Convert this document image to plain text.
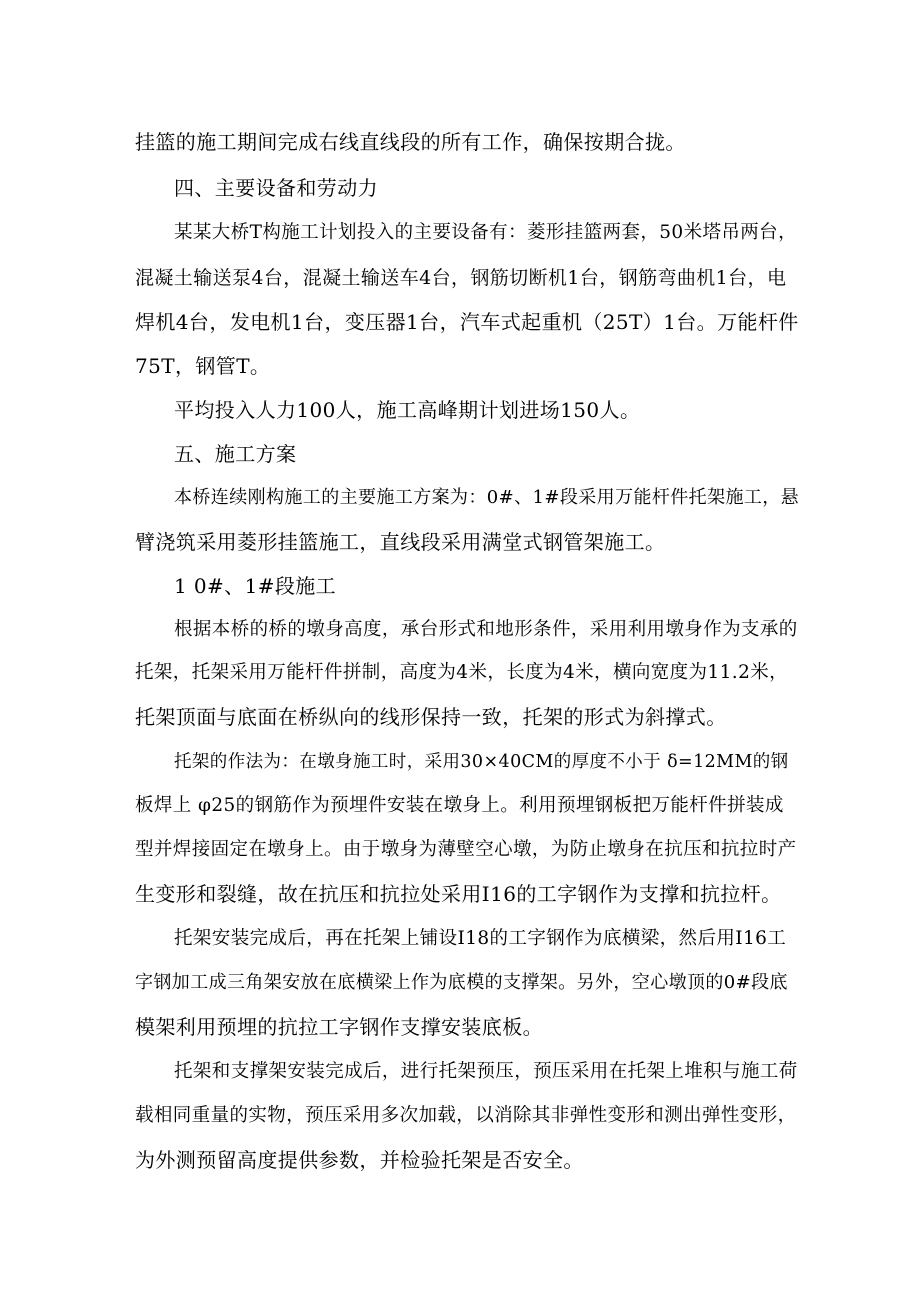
挂篮的施工期间完成右线直线段的所有工作，确保按期合拢。
四、主要设备和劳动力
某某大桥T构施工计划投入的主要设备有：菱形挂篮两套，50米塔吊两台，
混凝土输送泵4台，混凝土输送车4台，钢筋切断机1台，钢筋弯曲机1台，电
焊机4台，发电机1台，变压器1台，汽车式起重机（25T）1台。万能杆件
75T，钢管T。
平均投入人力100人，施工高峰期计划进场150人。
五、施工方案
本桥连续刚构施工的主要施工方案为：0#、1#段采用万能杆件托架施工，悬
臂浇筑采用菱形挂篮施工，直线段采用满堂式钢管架施工。
1 0#、1#段施工
根据本桥的桥的墩身高度，承台形式和地形条件，采用利用墩身作为支承的
托架，托架采用万能杆件拼制，高度为4米，长度为4米，横向宽度为11.2米，
托架顶面与底面在桥纵向的线形保持一致，托架的形式为斜撑式。
托架的作法为：在墩身施工时，采用30×40CM的厚度不小于 δ=12MM的钢
板焊上 φ25的钢筋作为预埋件安装在墩身上。利用预埋钢板把万能杆件拼装成
型并焊接固定在墩身上。由于墩身为薄壁空心墩，为防止墩身在抗压和抗拉时产
生变形和裂缝，故在抗压和抗拉处采用I16的工字钢作为支撑和抗拉杆。
托架安装完成后，再在托架上铺设I18的工字钢作为底横梁，然后用I16工
字钢加工成三角架安放在底横梁上作为底模的支撑架。另外，空心墩顶的0#段底
模架利用预埋的抗拉工字钢作支撑安装底板。
托架和支撑架安装完成后，进行托架预压，预压采用在托架上堆积与施工荷
载相同重量的实物，预压采用多次加载，以消除其非弹性变形和测出弹性变形，
为外测预留高度提供参数，并检验托架是否安全。
